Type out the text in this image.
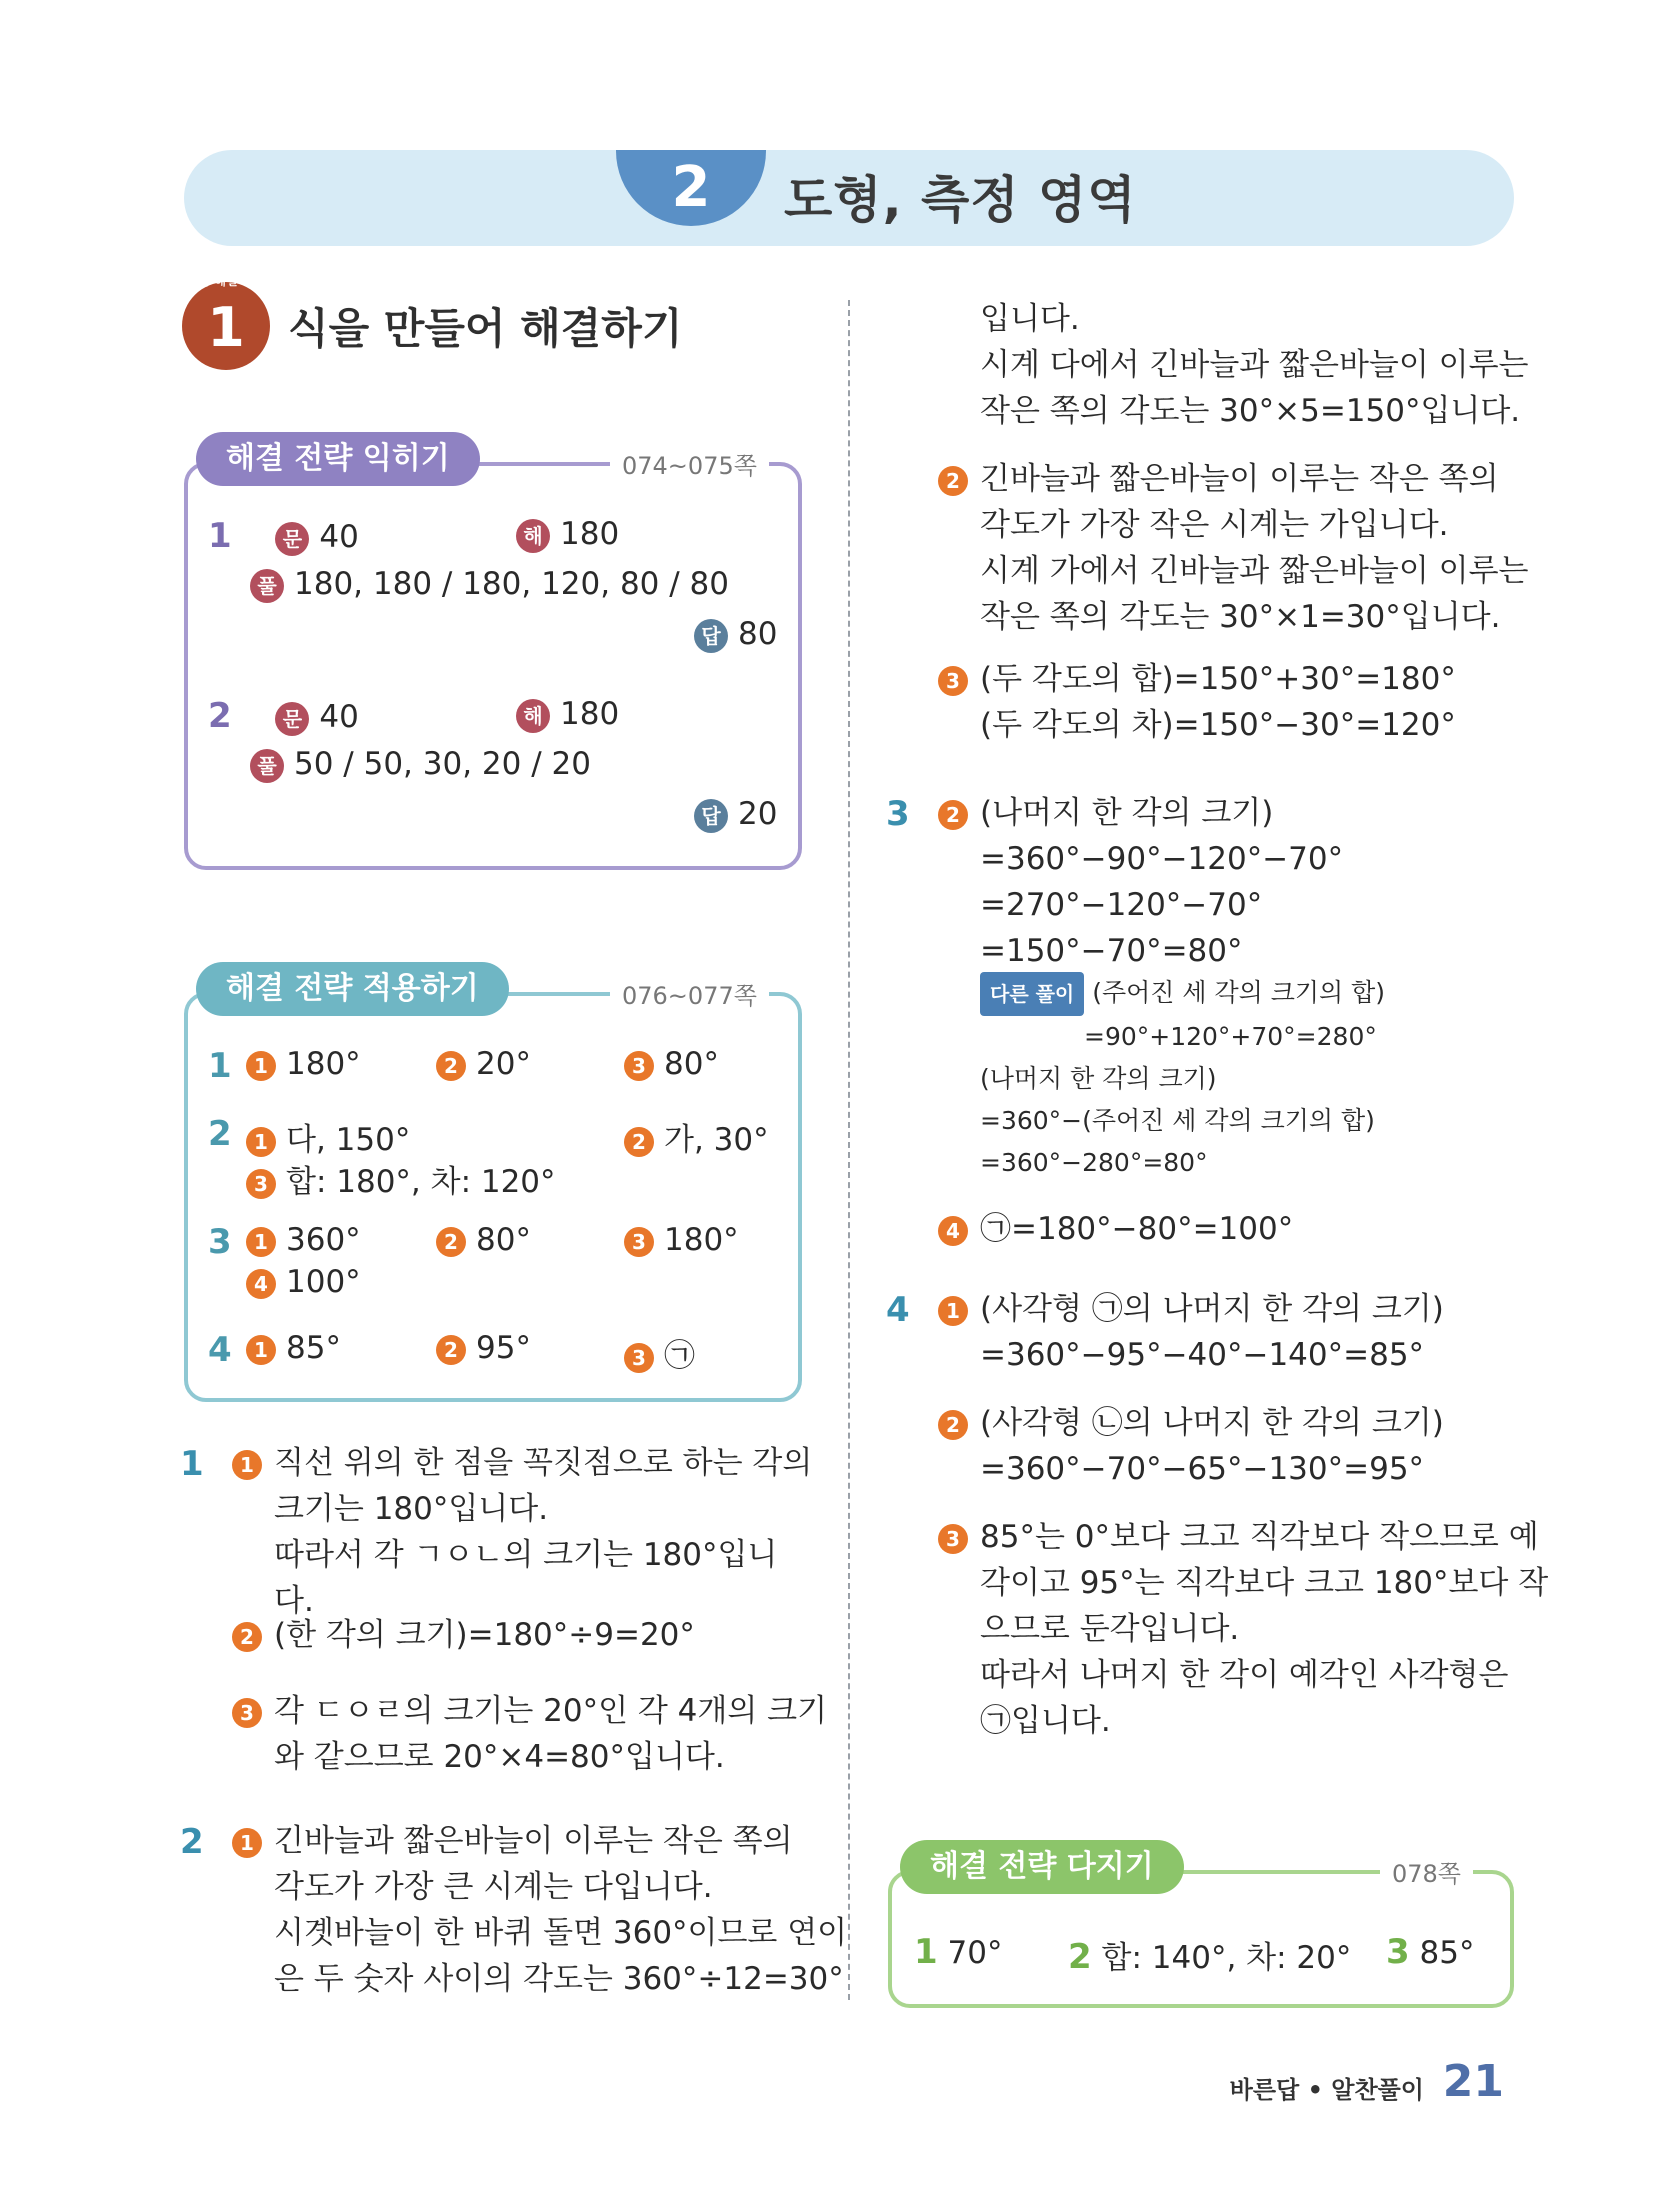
2	도형, 측정 영역
1
유형 해결 전략
식을 만들어 해결하기
해결 전략 익히기	074~075쪽
1	문 40	해 180
풀 180, 180 / 180, 120, 80 / 80
답 80
2	문 40	해 180
풀 50 / 50, 30, 20 / 20
답 20
해결 전략 적용하기	076~077쪽
1	1 180°	2 20°	3 80°
2	1 다, 150°	2 가, 30°
3 합: 180°, 차: 120°
3	1 360°	2 80°	3 180°
4 100°
4	1 85°	2 95°	3 ㉠
1	1 직선 위의 한 점을 꼭짓점으로 하는 각의
크기는 180°입니다.
따라서 각 ㄱㅇㄴ의 크기는 180°입니다.
2 (한 각의 크기)=180°÷9=20°
3 각 ㄷㅇㄹ의 크기는 20°인 각 4개의 크기
와 같으므로 20°×4=80°입니다.
2	1 긴바늘과 짧은바늘이 이루는 작은 쪽의
각도가 가장 큰 시계는 다입니다.
시곗바늘이 한 바퀴 돌면 360°이므로 연이
은 두 숫자 사이의 각도는 360°÷12=30°
입니다.
시계 다에서 긴바늘과 짧은바늘이 이루는
작은 쪽의 각도는 30°×5=150°입니다.
2 긴바늘과 짧은바늘이 이루는 작은 쪽의
각도가 가장 작은 시계는 가입니다.
시계 가에서 긴바늘과 짧은바늘이 이루는
작은 쪽의 각도는 30°×1=30°입니다.
3 (두 각도의 합)=150°+30°=180°
(두 각도의 차)=150°−30°=120°
3	2 (나머지 한 각의 크기)
=360°−90°−120°−70°
=270°−120°−70°
=150°−70°=80°
다른 풀이 (주어진 세 각의 크기의 합)
=90°+120°+70°=280°
(나머지 한 각의 크기)
=360°−(주어진 세 각의 크기의 합)
=360°−280°=80°
4 ㉠=180°−80°=100°
4	1 (사각형 ㉠의 나머지 한 각의 크기)
=360°−95°−40°−140°=85°
2 (사각형 ㉡의 나머지 한 각의 크기)
=360°−70°−65°−130°=95°
3 85°는 0°보다 크고 직각보다 작으므로 예
각이고 95°는 직각보다 크고 180°보다 작
으므로 둔각입니다.
따라서 나머지 한 각이 예각인 사각형은
㉠입니다.
해결 전략 다지기	078쪽
1 70° 2 합: 140°, 차: 20° 3 85°
바른답 • 알찬풀이 21
